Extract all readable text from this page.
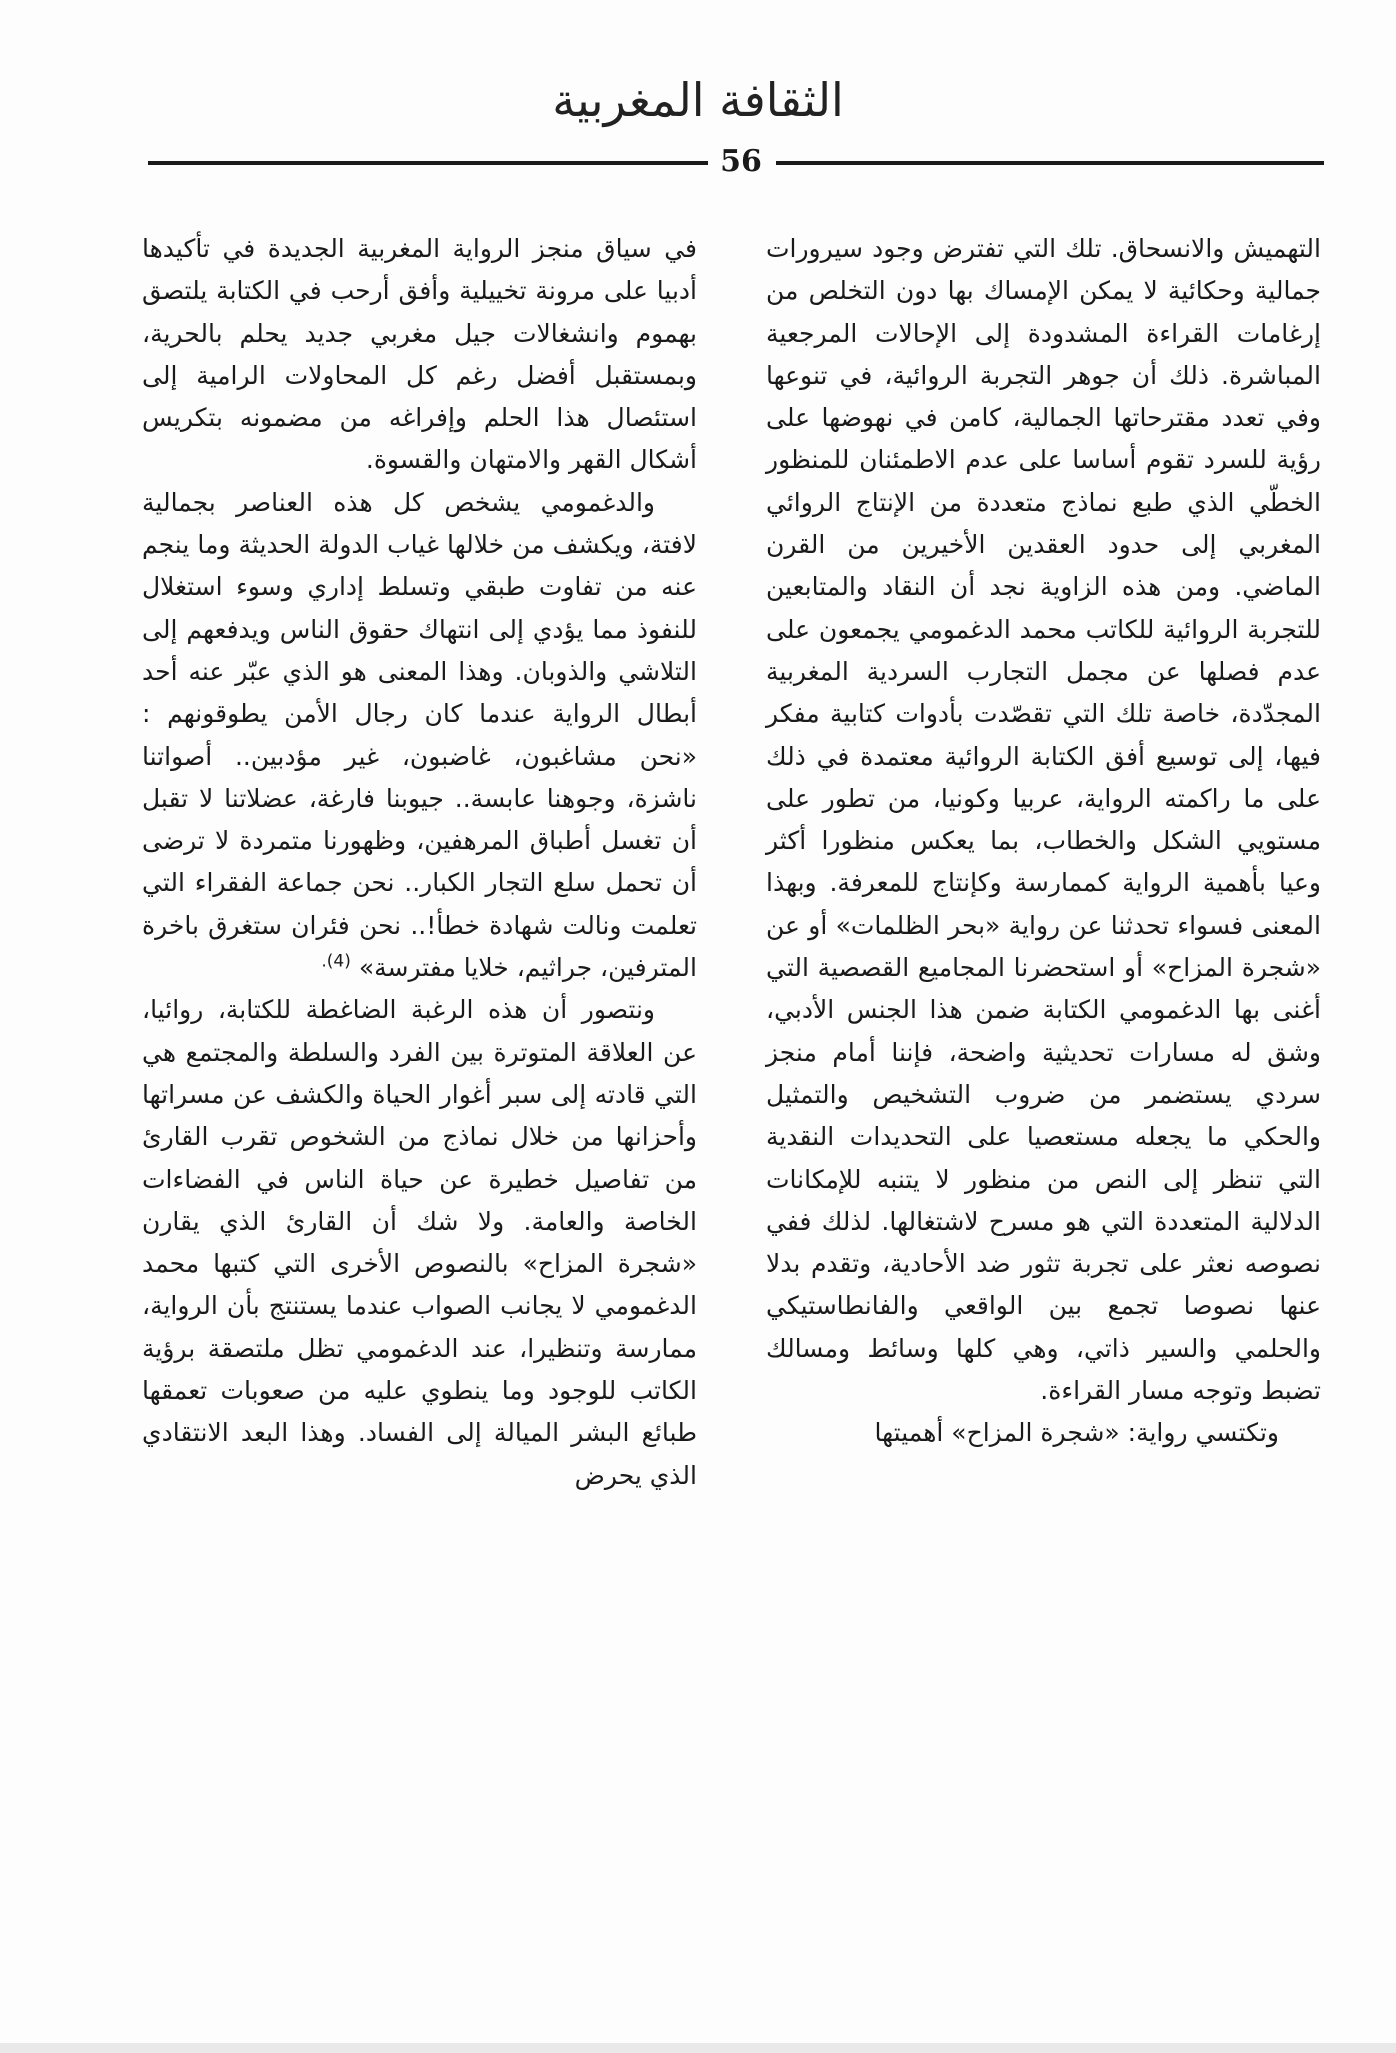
الثقافة المغربية
56

التهميش والانسحاق. تلك التي تفترض وجود سيرورات جمالية وحكائية لا يمكن الإمساك بها دون التخلص من إرغامات القراءة المشدودة إلى الإحالات المرجعية المباشرة. ذلك أن جوهر التجربة الروائية، في تنوعها وفي تعدد مقترحاتها الجمالية، كامن في نهوضها على رؤية للسرد تقوم أساسا على عدم الاطمئنان للمنظور الخطّي الذي طبع نماذج متعددة من الإنتاج الروائي المغربي إلى حدود العقدين الأخيرين من القرن الماضي. ومن هذه الزاوية نجد أن النقاد والمتابعين للتجربة الروائية للكاتب محمد الدغمومي يجمعون على عدم فصلها عن مجمل التجارب السردية المغربية المجدّدة، خاصة تلك التي تقصّدت بأدوات كتابية مفكر فيها، إلى توسيع أفق الكتابة الروائية معتمدة في ذلك على ما راكمته الرواية، عربيا وكونيا، من تطور على مستويي الشكل والخطاب، بما يعكس منظورا أكثر وعيا بأهمية الرواية كممارسة وكإنتاج للمعرفة. وبهذا المعنى فسواء تحدثنا عن رواية «بحر الظلمات» أو عن «شجرة المزاح» أو استحضرنا المجاميع القصصية التي أغنى بها الدغمومي الكتابة ضمن هذا الجنس الأدبي، وشق له مسارات تحديثية واضحة، فإننا أمام منجز سردي يستضمر من ضروب التشخيص والتمثيل والحكي ما يجعله مستعصيا على التحديدات النقدية التي تنظر إلى النص من منظور لا يتنبه للإمكانات الدلالية المتعددة التي هو مسرح لاشتغالها. لذلك ففي نصوصه نعثر على تجربة تثور ضد الأحادية، وتقدم بدلا عنها نصوصا تجمع بين الواقعي والفانطاستيكي والحلمي والسير ذاتي، وهي كلها وسائط ومسالك تضبط وتوجه مسار القراءة.

وتكتسي رواية: «شجرة المزاح» أهميتها

في سياق منجز الرواية المغربية الجديدة في تأكيدها أدبيا على مرونة تخييلية وأفق أرحب في الكتابة يلتصق بهموم وانشغالات جيل مغربي جديد يحلم بالحرية، وبمستقبل أفضل رغم كل المحاولات الرامية إلى استئصال هذا الحلم وإفراغه من مضمونه بتكريس أشكال القهر والامتهان والقسوة.

والدغمومي يشخص كل هذه العناصر بجمالية لافتة، ويكشف من خلالها غياب الدولة الحديثة وما ينجم عنه من تفاوت طبقي وتسلط إداري وسوء استغلال للنفوذ مما يؤدي إلى انتهاك حقوق الناس ويدفعهم إلى التلاشي والذوبان. وهذا المعنى هو الذي عبّر عنه أحد أبطال الرواية عندما كان رجال الأمن يطوقونهم : «نحن مشاغبون، غاضبون، غير مؤدبين.. أصواتنا ناشزة، وجوهنا عابسة.. جيوبنا فارغة، عضلاتنا لا تقبل أن تغسل أطباق المرهفين، وظهورنا متمردة لا ترضى أن تحمل سلع التجار الكبار.. نحن جماعة الفقراء التي تعلمت ونالت شهادة خطأ!.. نحن فئران ستغرق باخرة المترفين، جراثيم، خلايا مفترسة» $^{(4).}$

ونتصور أن هذه الرغبة الضاغطة للكتابة، روائيا، عن العلاقة المتوترة بين الفرد والسلطة والمجتمع هي التي قادته إلى سبر أغوار الحياة والكشف عن مسراتها وأحزانها من خلال نماذج من الشخوص تقرب القارئ من تفاصيل خطيرة عن حياة الناس في الفضاءات الخاصة والعامة. ولا شك أن القارئ الذي يقارن «شجرة المزاح» بالنصوص الأخرى التي كتبها محمد الدغمومي لا يجانب الصواب عندما يستنتج بأن الرواية، ممارسة وتنظيرا، عند الدغمومي تظل ملتصقة برؤية الكاتب للوجود وما ينطوي عليه من صعوبات تعمقها طبائع البشر الميالة إلى الفساد. وهذا البعد الانتقادي الذي يحرض
